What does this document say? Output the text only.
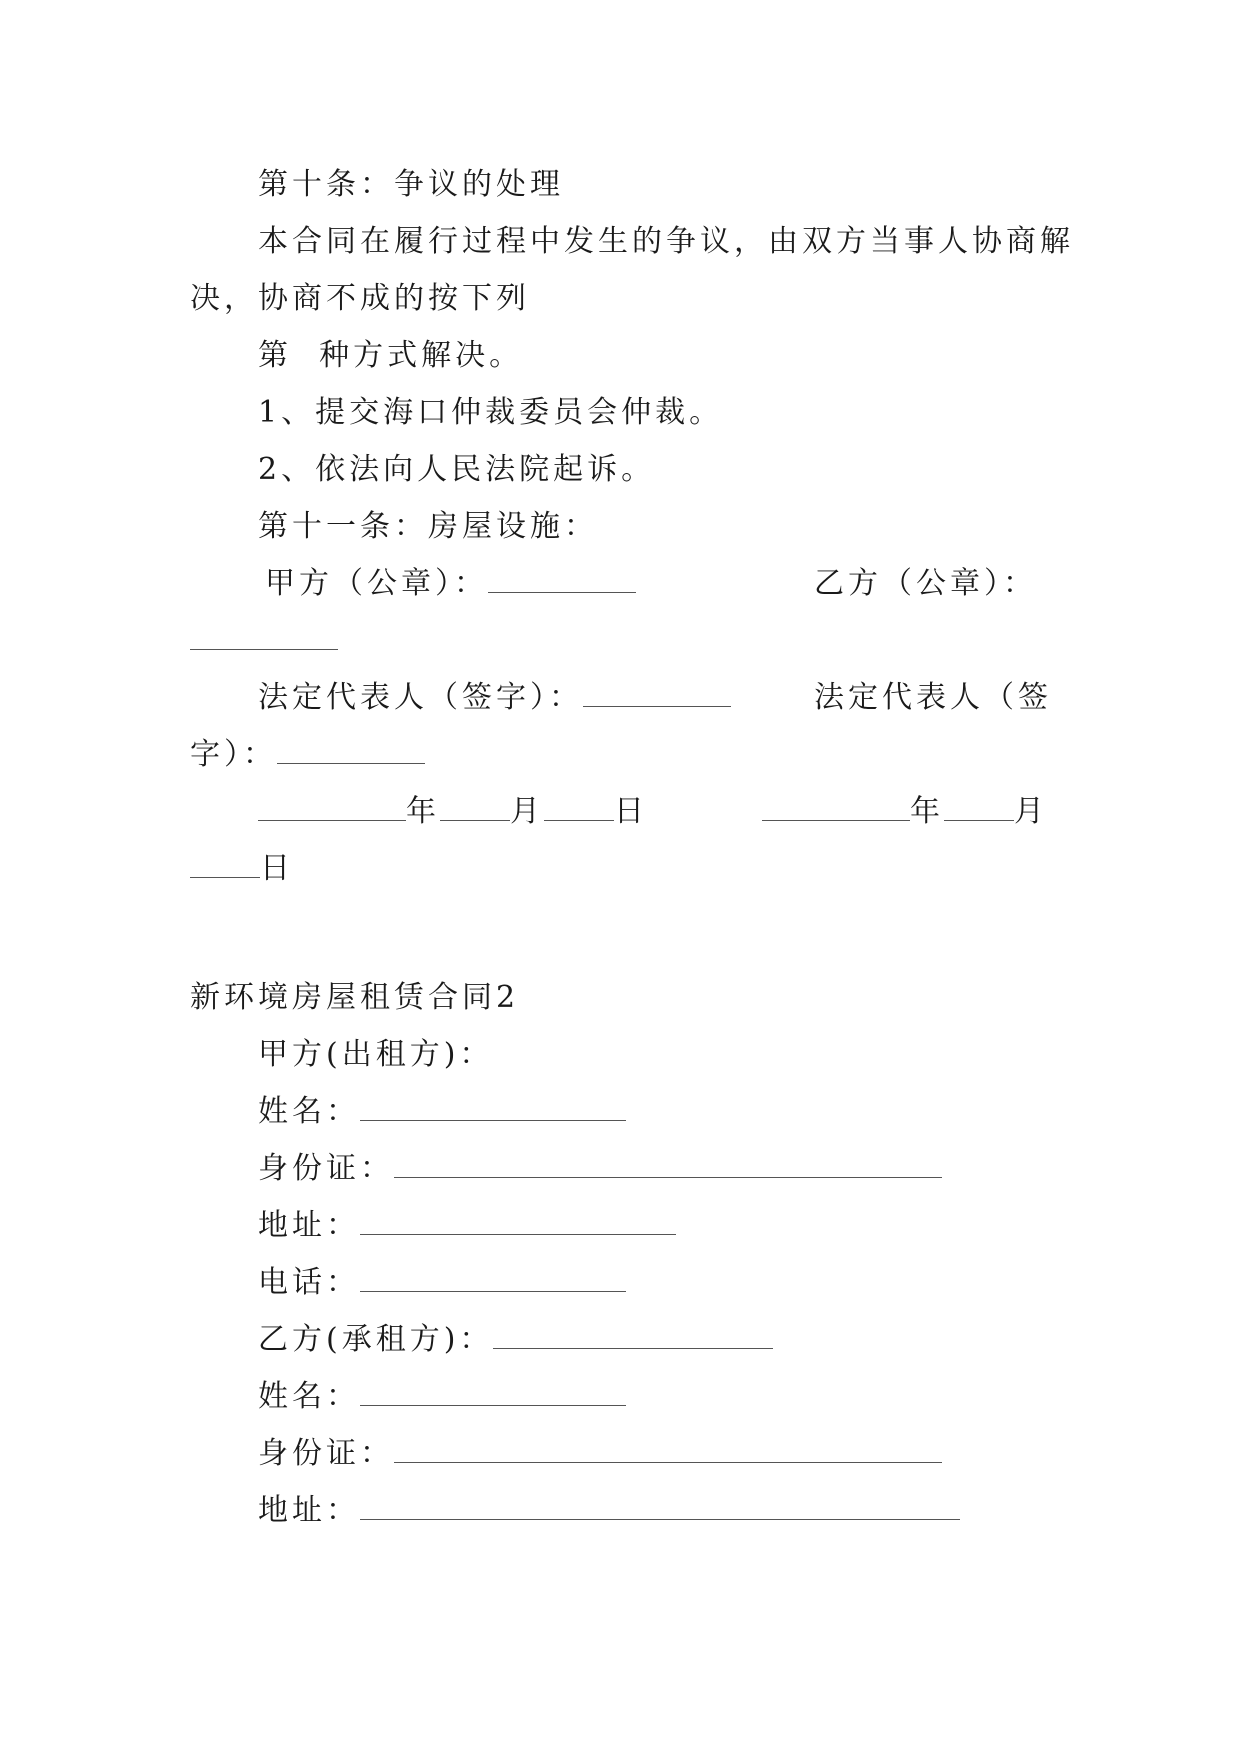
第十条：争议的处理
本合同在履行过程中发生的争议，由双方当事人协商解
决，协商不成的按下列
第  种方式解决。
1、提交海口仲裁委员会仲裁。
2、依法向人民法院起诉。
第十一条：房屋设施：
甲方（公章）：	乙方（公章）：
法定代表人（签字）：	法定代表人（签
字）：
年 月 日	年 月
日
新环境房屋租赁合同2
甲方(出租方)：
姓名：
身份证：
地址：
电话：
乙方(承租方)：
姓名：
身份证：
地址：
